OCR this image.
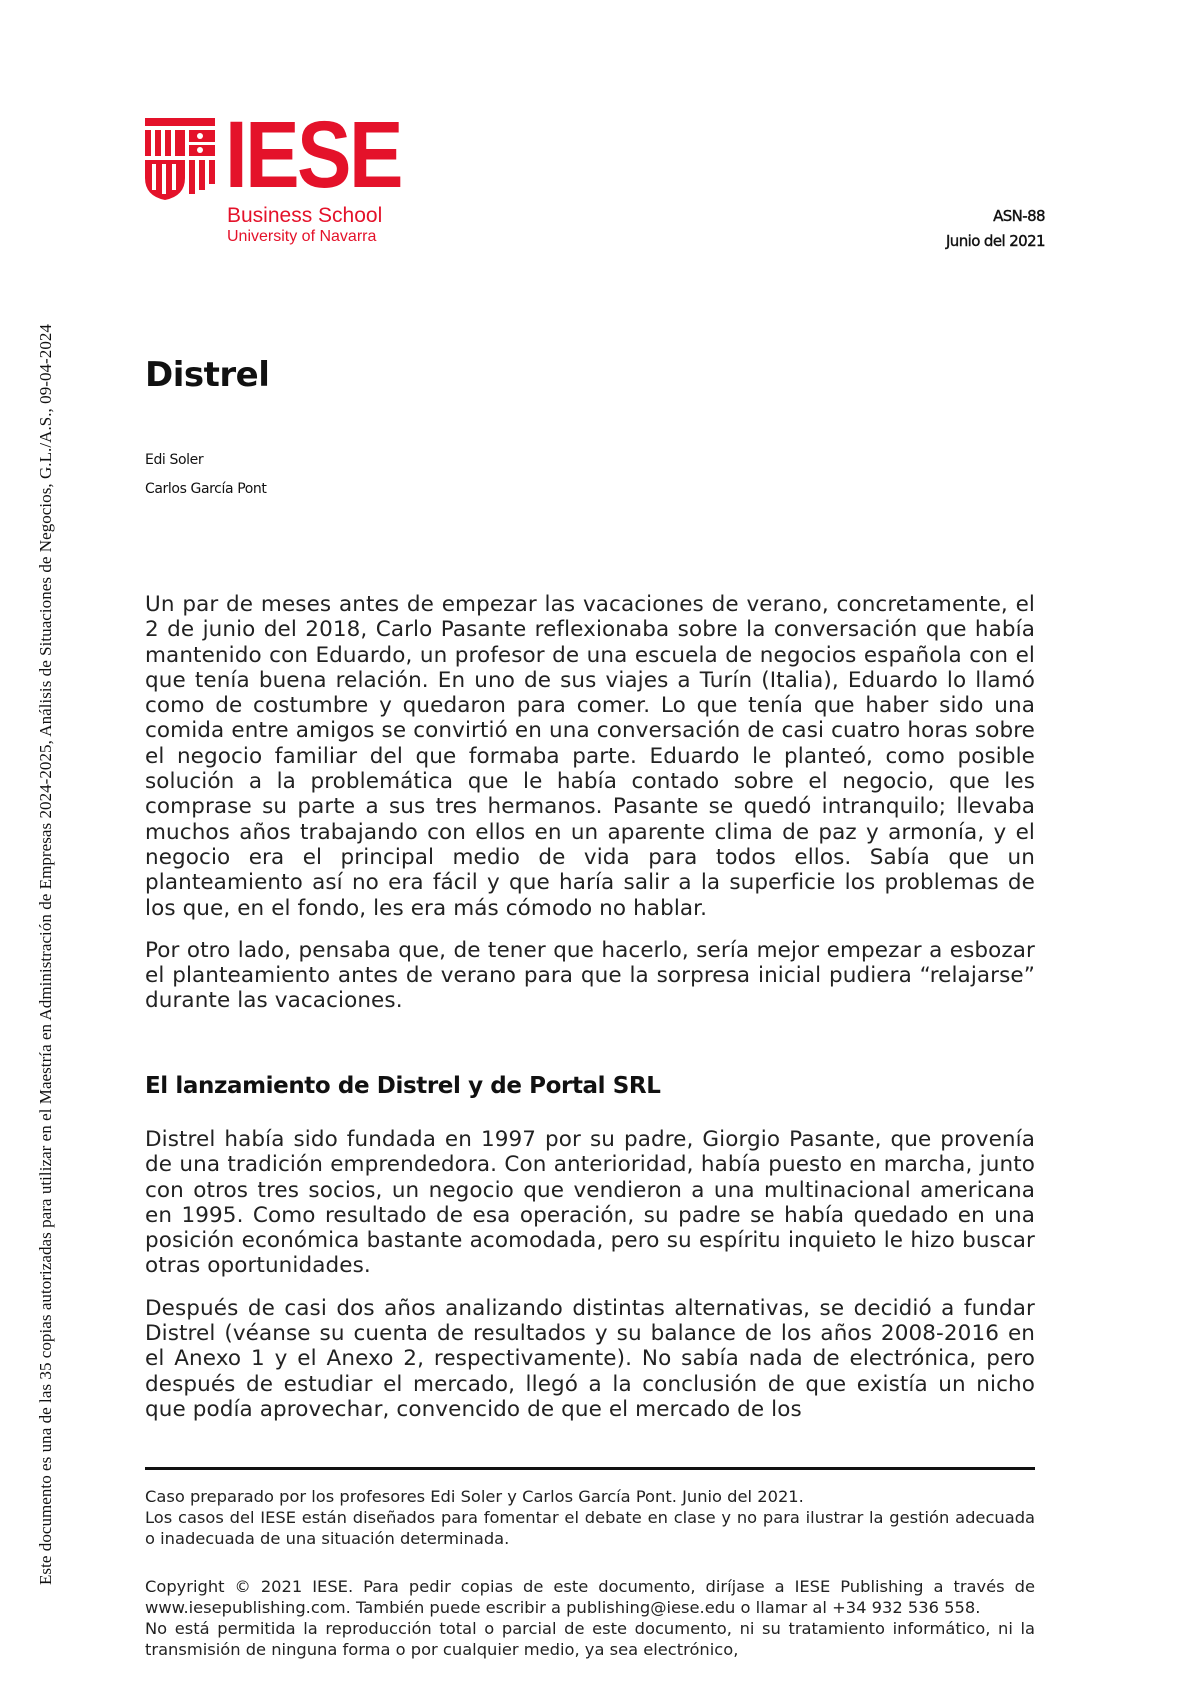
Este documento es una de las 35 copias autorizadas para utilizar en el Maestría en Administración de Empresas 2024-2025, Análisis de Situaciones de Negocios, G.L./A.S., 09-04-2024
IESE
Business School
University of Navarra
ASN-88
Junio del 2021
Distrel
Edi Soler
Carlos García Pont

Un par de meses antes de empezar las vacaciones de verano, concretamente, el 2 de junio del 2018, Carlo Pasante reflexionaba sobre la conversación que había mantenido con Eduardo, un profesor de una escuela de negocios española con el que tenía buena relación. En uno de sus viajes a Turín (Italia), Eduardo lo llamó como de costumbre y quedaron para comer. Lo que tenía que haber sido una comida entre amigos se convirtió en una conversación de casi cuatro horas sobre el negocio familiar del que formaba parte. Eduardo le planteó, como posible solución a la problemática que le había contado sobre el negocio, que les comprase su parte a sus tres hermanos. Pasante se quedó intranquilo; llevaba muchos años trabajando con ellos en un aparente clima de paz y armonía, y el negocio era el principal medio de vida para todos ellos. Sabía que un planteamiento así no era fácil y que haría salir a la superficie los problemas de los que, en el fondo, les era más cómodo no hablar.

Por otro lado, pensaba que, de tener que hacerlo, sería mejor empezar a esbozar el planteamiento antes de verano para que la sorpresa inicial pudiera “relajarse” durante las vacaciones.

El lanzamiento de Distrel y de Portal SRL

Distrel había sido fundada en 1997 por su padre, Giorgio Pasante, que provenía de una tradición emprendedora. Con anterioridad, había puesto en marcha, junto con otros tres socios, un negocio que vendieron a una multinacional americana en 1995. Como resultado de esa operación, su padre se había quedado en una posición económica bastante acomodada, pero su espíritu inquieto le hizo buscar otras oportunidades.

Después de casi dos años analizando distintas alternativas, se decidió a fundar Distrel (véanse su cuenta de resultados y su balance de los años 2008-2016 en el Anexo 1 y el Anexo 2, respectivamente). No sabía nada de electrónica, pero después de estudiar el mercado, llegó a la conclusión de que existía un nicho que podía aprovechar, convencido de que el mercado de los

Caso preparado por los profesores Edi Soler y Carlos García Pont. Junio del 2021.

Los casos del IESE están diseñados para fomentar el debate en clase y no para ilustrar la gestión adecuada o inadecuada de una situación determinada.

Copyright © 2021 IESE. Para pedir copias de este documento, diríjase a IESE Publishing a través de www.iesepublishing.com. También puede escribir a publishing@iese.edu o llamar al +34 932 536 558.

No está permitida la reproducción total o parcial de este documento, ni su tratamiento informático, ni la transmisión de ninguna forma o por cualquier medio, ya sea electrónico,
